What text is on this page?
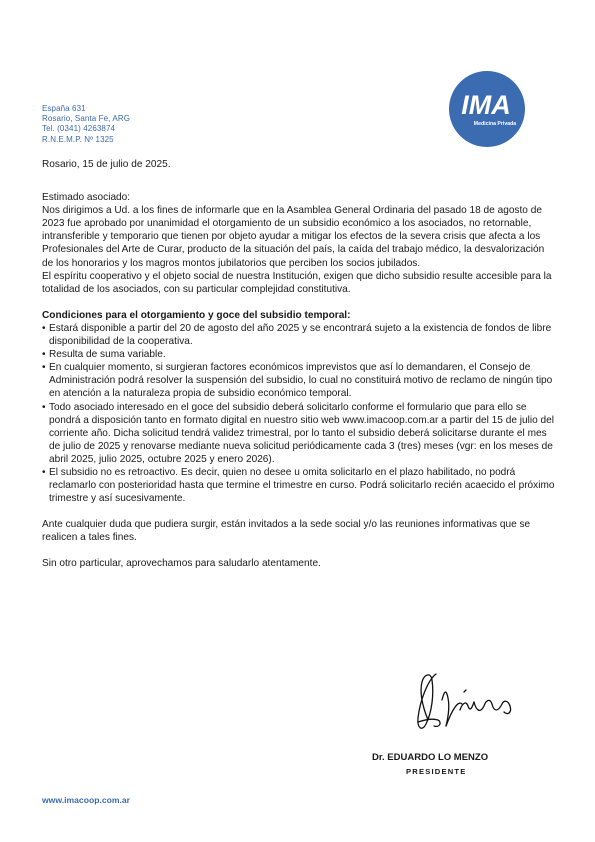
España 631
Rosario, Santa Fe, ARG
Tel. (0341) 4263874
R.N.E.M.P. Nº 1325
IMA
Medicina Privada

Rosario, 15 de julio de 2025.

Estimado asociado:

Nos dirigimos a Ud. a los fines de informarle que en la Asamblea General Ordinaria del pasado 18 de agosto de 2023 fue aprobado por unanimidad el otorgamiento de un subsidio económico a los asociados, no retornable, intransferible y temporario que tienen por objeto ayudar a mitigar los efectos de la severa crisis que afecta a los Profesionales del Arte de Curar, producto de la situación del país, la caída del trabajo médico, la desvalorización de los honorarios y los magros montos jubilatorios que perciben los socios jubilados.

El espíritu cooperativo y el objeto social de nuestra Institución, exigen que dicho subsidio resulte accesible para la totalidad de los asociados, con su particular complejidad constitutiva.

Condiciones para el otorgamiento y goce del subsidio temporal:

• Estará disponible a partir del 20 de agosto del año 2025 y se encontrará sujeto a la existencia de fondos de libre disponibilidad de la cooperativa.
• Resulta de suma variable.
• En cualquier momento, si surgieran factores económicos imprevistos que así lo demandaren, el Consejo de Administración podrá resolver la suspensión del subsidio, lo cual no constituirá motivo de reclamo de ningún tipo en atención a la naturaleza propia de subsidio económico temporal.
• Todo asociado interesado en el goce del subsidio deberá solicitarlo conforme el formulario que para ello se pondrá a disposición tanto en formato digital en nuestro sitio web www.imacoop.com.ar a partir del 15 de julio del corriente año. Dicha solicitud tendrá validez trimestral, por lo tanto el subsidio deberá solicitarse durante el mes de julio de 2025 y renovarse mediante nueva solicitud periódicamente cada 3 (tres) meses (vgr: en los meses de abril 2025, julio 2025, octubre 2025 y enero 2026).
• El subsidio no es retroactivo. Es decir, quien no desee u omita solicitarlo en el plazo habilitado, no podrá reclamarlo con posterioridad hasta que termine el trimestre en curso. Podrá solicitarlo recién acaecido el próximo trimestre y así sucesivamente.

Ante cualquier duda que pudiera surgir, están invitados a la sede social y/o las reuniones informativas que se realicen a tales fines.

Sin otro particular, aprovechamos para saludarlo atentamente.

Dr. EDUARDO LO MENZO
PRESIDENTE
www.imacoop.com.ar
